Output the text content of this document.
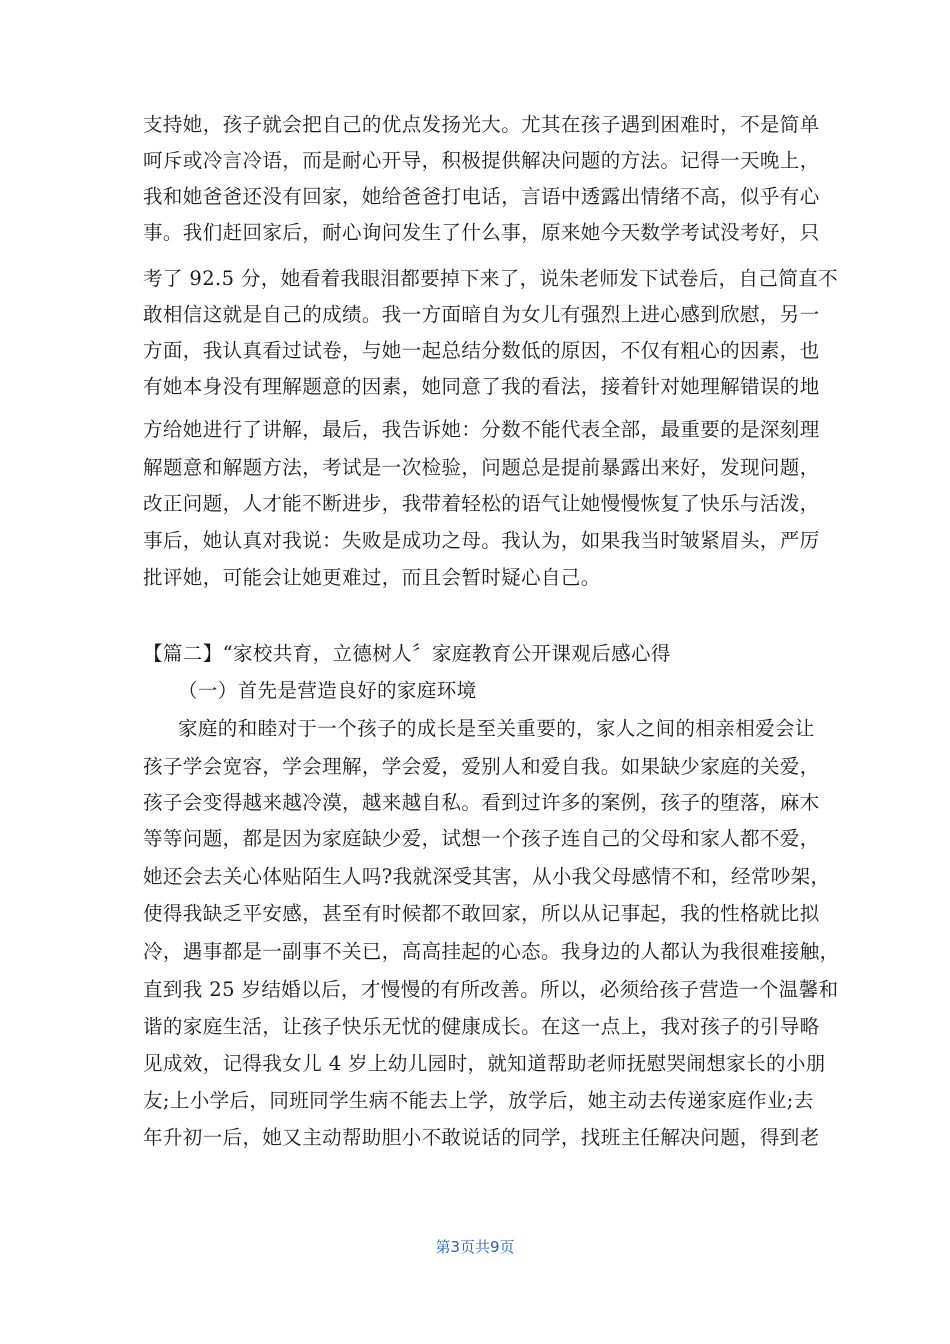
支持她，孩子就会把自己的优点发扬光大。尤其在孩子遇到困难时，不是简单
呵斥或冷言冷语，而是耐心开导，积极提供解决问题的方法。记得一天晚上，
我和她爸爸还没有回家，她给爸爸打电话，言语中透露出情绪不高，似乎有心
事。我们赶回家后，耐心询问发生了什么事，原来她今天数学考试没考好，只
考了 92.5 分，她看着我眼泪都要掉下来了，说朱老师发下试卷后，自己简直不
敢相信这就是自己的成绩。我一方面暗自为女儿有强烈上进心感到欣慰，另一
方面，我认真看过试卷，与她一起总结分数低的原因，不仅有粗心的因素，也
有她本身没有理解题意的因素，她同意了我的看法，接着针对她理解错误的地
方给她进行了讲解，最后，我告诉她：分数不能代表全部，最重要的是深刻理
解题意和解题方法，考试是一次检验，问题总是提前暴露出来好，发现问题，
改正问题，人才能不断进步，我带着轻松的语气让她慢慢恢复了快乐与活泼，
事后，她认真对我说：失败是成功之母。我认为，如果我当时皱紧眉头，严厉
批评她，可能会让她更难过，而且会暂时疑心自己。
【篇二】“家校共育，立德树人〞家庭教育公开课观后感心得
（一）首先是营造良好的家庭环境
家庭的和睦对于一个孩子的成长是至关重要的，家人之间的相亲相爱会让
孩子学会宽容，学会理解，学会爱，爱别人和爱自我。如果缺少家庭的关爱，
孩子会变得越来越冷漠，越来越自私。看到过许多的案例，孩子的堕落，麻木
等等问题，都是因为家庭缺少爱，试想一个孩子连自己的父母和家人都不爱，
她还会去关心体贴陌生人吗?我就深受其害，从小我父母感情不和，经常吵架，
使得我缺乏平安感，甚至有时候都不敢回家，所以从记事起，我的性格就比拟
冷，遇事都是一副事不关已，高高挂起的心态。我身边的人都认为我很难接触，
直到我 25 岁结婚以后，才慢慢的有所改善。所以，必须给孩子营造一个温馨和
谐的家庭生活，让孩子快乐无忧的健康成长。在这一点上，我对孩子的引导略
见成效，记得我女儿 4 岁上幼儿园时，就知道帮助老师抚慰哭闹想家长的小朋
友;上小学后，同班同学生病不能去上学，放学后，她主动去传递家庭作业;去
年升初一后，她又主动帮助胆小不敢说话的同学，找班主任解决问题，得到老
第3页共9页
